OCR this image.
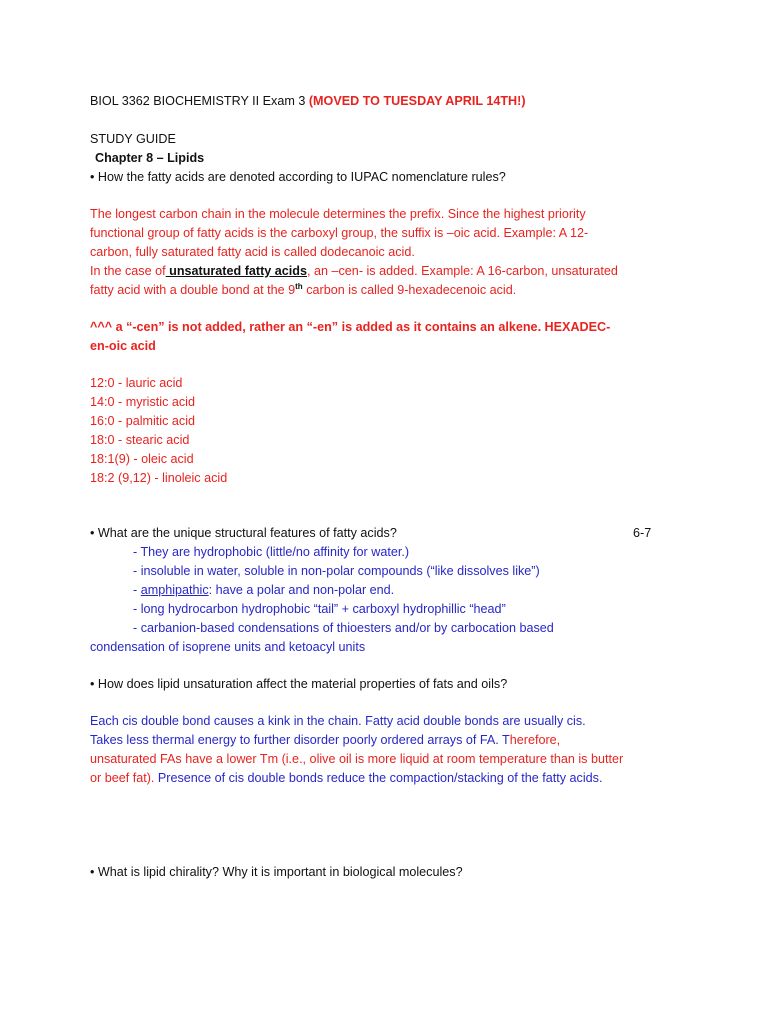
BIOL 3362 BIOCHEMISTRY II Exam 3 (MOVED TO TUESDAY APRIL 14TH!)
STUDY GUIDE
Chapter 8 – Lipids
• How the fatty acids are denoted according to IUPAC nomenclature rules?
The longest carbon chain in the molecule determines the prefix. Since the highest priority
functional group of fatty acids is the carboxyl group, the suffix is –oic acid. Example: A 12-
carbon, fully saturated fatty acid is called dodecanoic acid.
In the case of unsaturated fatty acids, an –cen- is added. Example: A 16-carbon, unsaturated
fatty acid with a double bond at the 9th carbon is called 9-hexadecenoic acid.
^^^ a “-cen” is not added, rather an “-en” is added as it contains an alkene. HEXADEC-
en-oic acid
12:0 - lauric acid
14:0 - myristic acid
16:0 - palmitic acid
18:0 - stearic acid
18:1(9) - oleic acid
18:2 (9,12) - linoleic acid
• What are the unique structural features of fatty acids?	6-7
- They are hydrophobic (little/no affinity for water.)
- insoluble in water, soluble in non-polar compounds (“like dissolves like”)
- amphipathic: have a polar and non-polar end.
- long hydrocarbon hydrophobic “tail” + carboxyl hydrophillic “head”
- carbanion-based condensations of thioesters and/or by carbocation based
condensation of isoprene units and ketoacyl units
• How does lipid unsaturation affect the material properties of fats and oils?
Each cis double bond causes a kink in the chain. Fatty acid double bonds are usually cis.
Takes less thermal energy to further disorder poorly ordered arrays of FA. Therefore,
unsaturated FAs have a lower Tm (i.e., olive oil is more liquid at room temperature than is butter
or beef fat). Presence of cis double bonds reduce the compaction/stacking of the fatty acids.
• What is lipid chirality? Why it is important in biological molecules?
